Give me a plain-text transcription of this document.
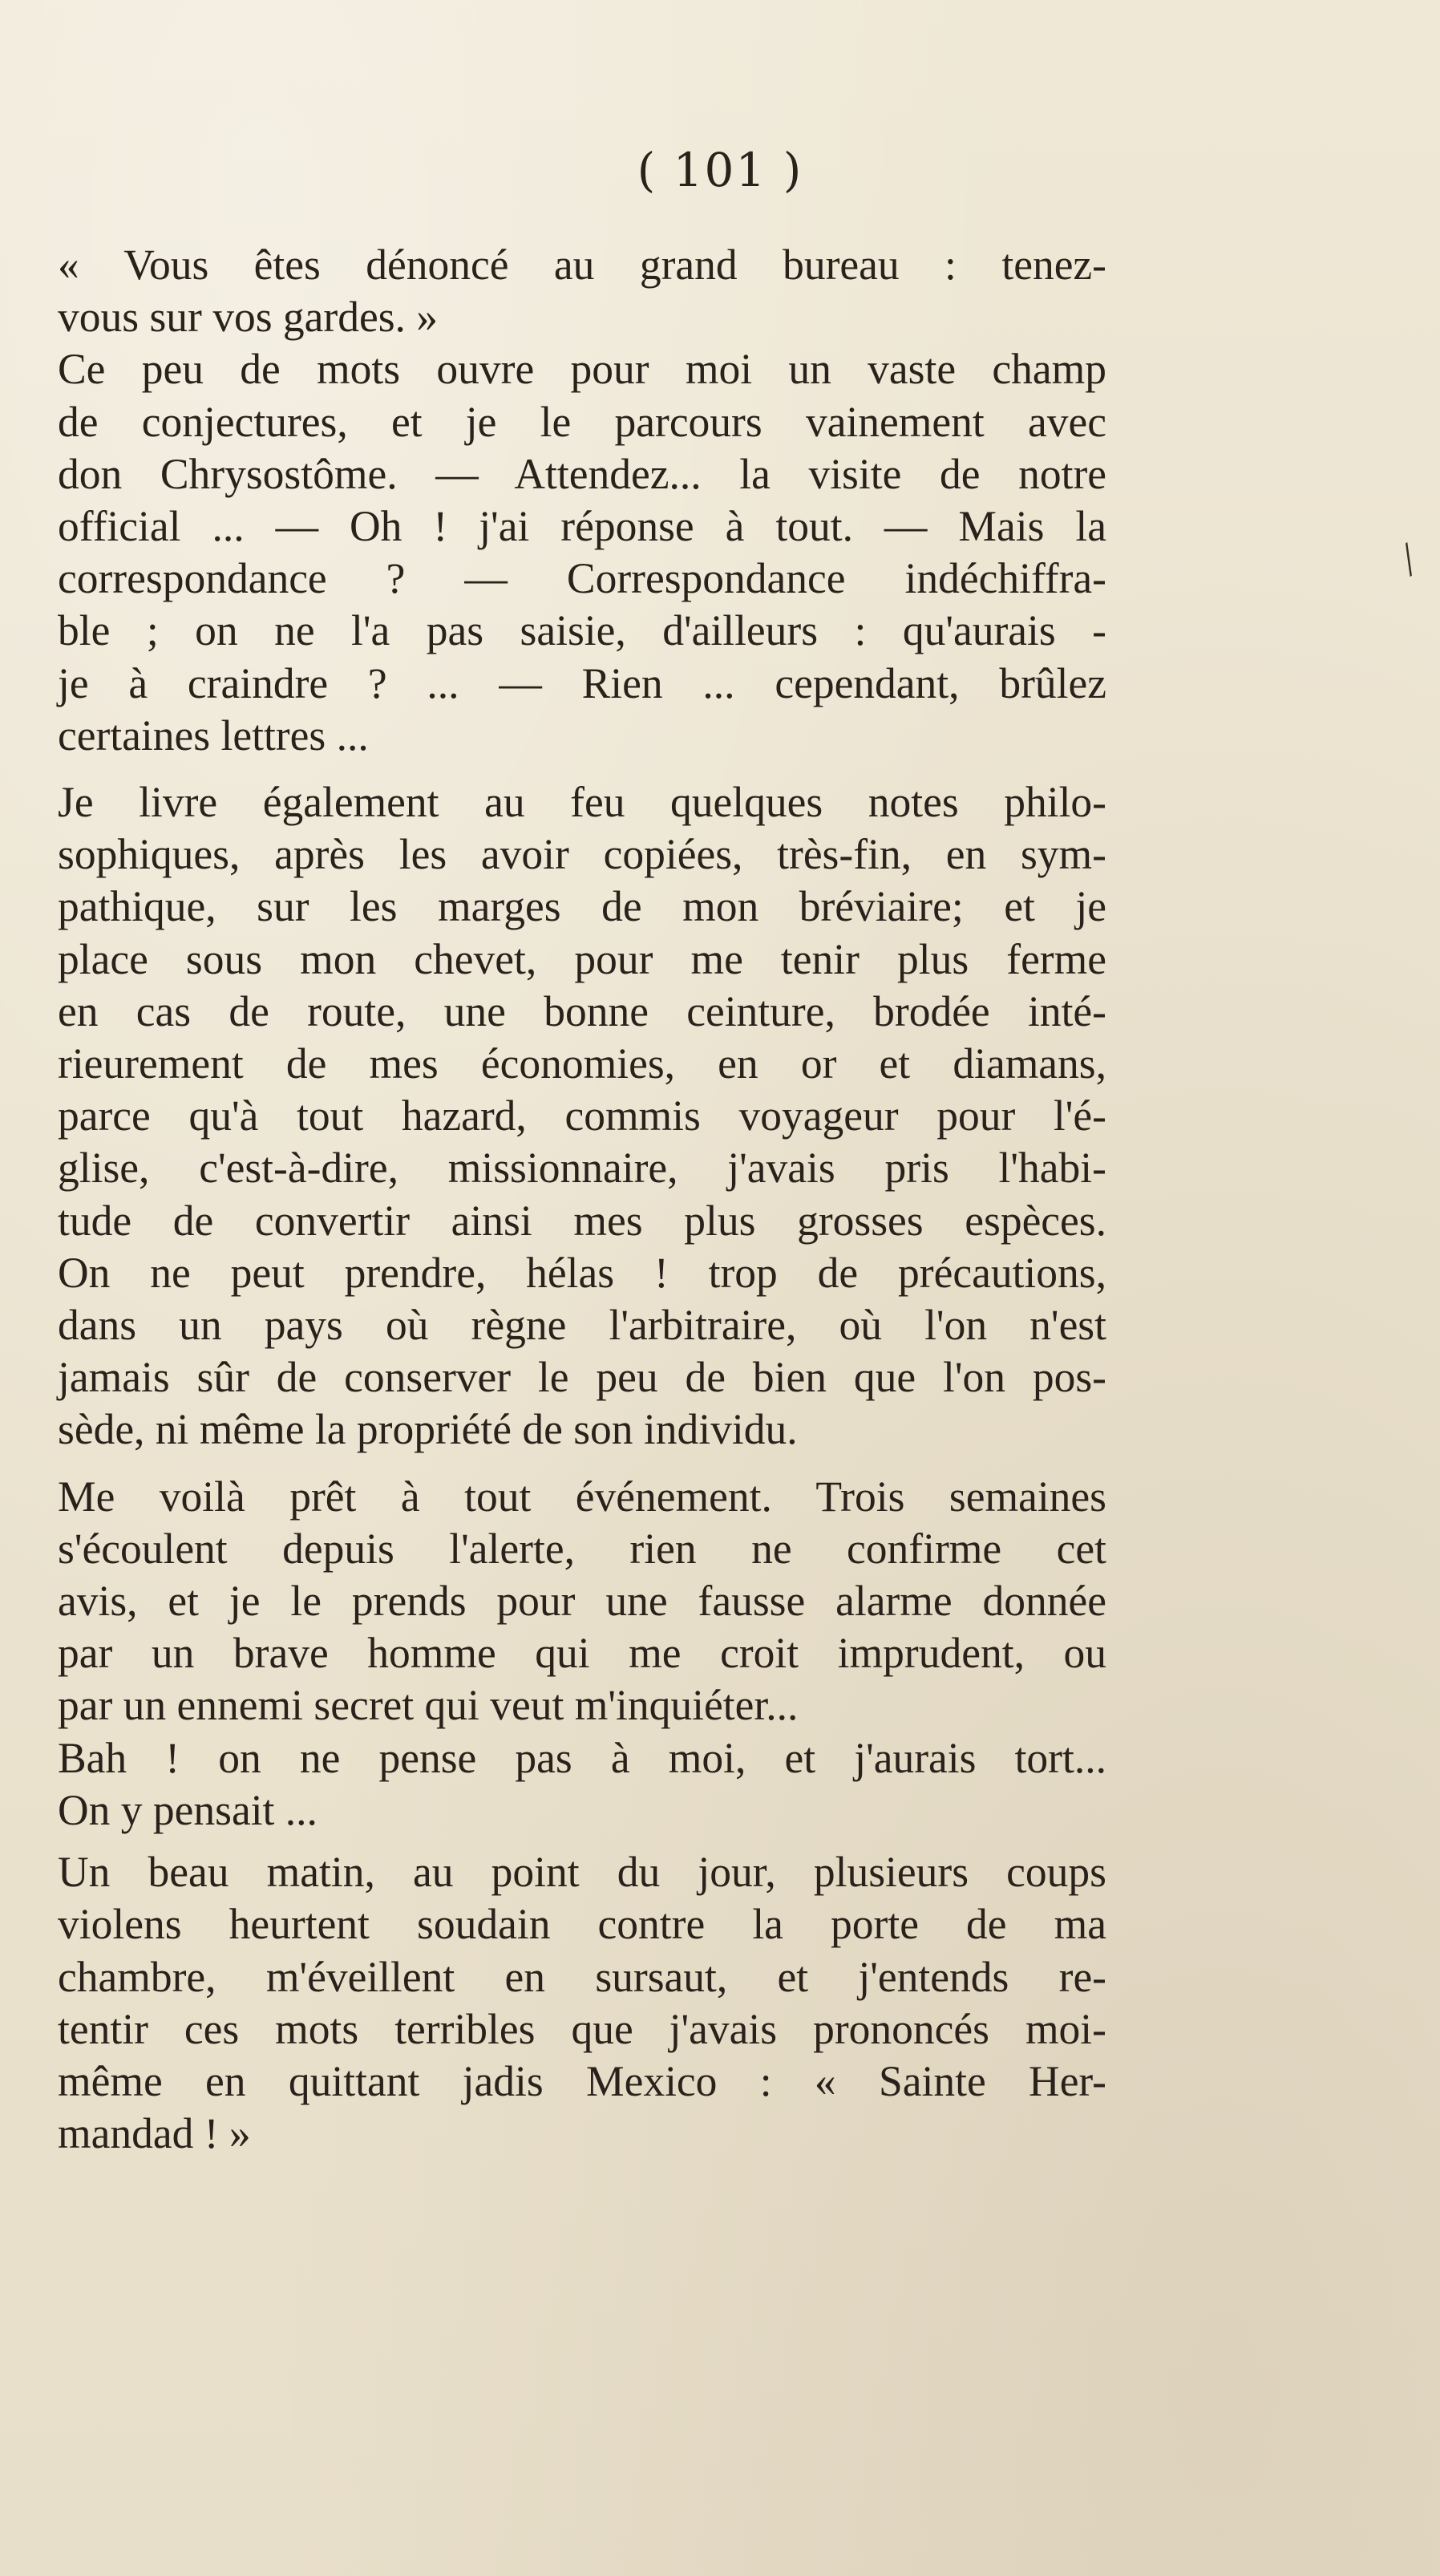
( 101 )

« Vous êtes dénoncé au grand bureau : tenez-
vous sur vos gardes. »

Ce peu de mots ouvre pour moi un vaste champ
de conjectures, et je le parcours vainement avec
don Chrysostôme. — Attendez... la visite de notre
official ... — Oh ! j'ai réponse à tout. — Mais la
correspondance ? — Correspondance indéchiffra-
ble ; on ne l'a pas saisie, d'ailleurs : qu'aurais -
je à craindre ? ... — Rien ... cependant, brûlez
certaines lettres ...

Je livre également au feu quelques notes philo-
sophiques, après les avoir copiées, très-fin, en sym-
pathique, sur les marges de mon bréviaire; et je
place sous mon chevet, pour me tenir plus ferme
en cas de route, une bonne ceinture, brodée inté-
rieurement de mes économies, en or et diamans,
parce qu'à tout hazard, commis voyageur pour l'é-
glise, c'est-à-dire, missionnaire, j'avais pris l'habi-
tude de convertir ainsi mes plus grosses espèces.
On ne peut prendre, hélas ! trop de précautions,
dans un pays où règne l'arbitraire, où l'on n'est
jamais sûr de conserver le peu de bien que l'on pos-
sède, ni même la propriété de son individu.

Me voilà prêt à tout événement. Trois semaines
s'écoulent depuis l'alerte, rien ne confirme cet
avis, et je le prends pour une fausse alarme donnée
par un brave homme qui me croit imprudent, ou
par un ennemi secret qui veut m'inquiéter...

Bah ! on ne pense pas à moi, et j'aurais tort...
On y pensait ...

Un beau matin, au point du jour, plusieurs coups
violens heurtent soudain contre la porte de ma
chambre, m'éveillent en sursaut, et j'entends re-
tentir ces mots terribles que j'avais prononcés moi-
même en quittant jadis Mexico : « Sainte Her-
mandad ! »

╱
